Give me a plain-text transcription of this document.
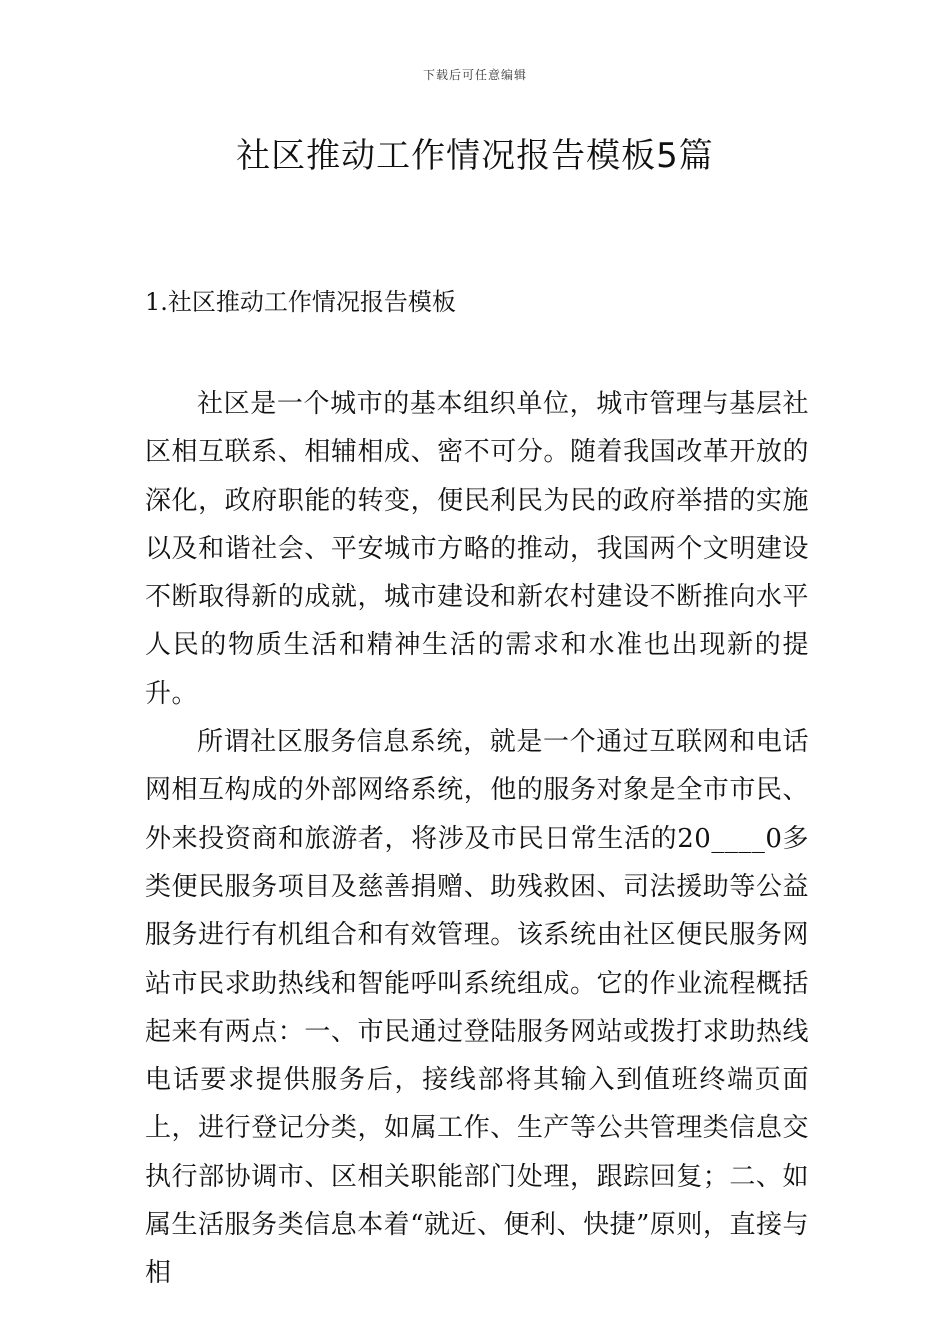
下载后可任意编辑
社区推动工作情况报告模板5篇
1.社区推动工作情况报告模板

社区是一个城市的基本组织单位，城市管理与基层社区相互联系、相辅相成、密不可分。随着我国改革开放的深化，政府职能的转变，便民利民为民的政府举措的实施以及和谐社会、平安城市方略的推动，我国两个文明建设不断取得新的成就，城市建设和新农村建设不断推向水平人民的物质生活和精神生活的需求和水准也出现新的提升。

所谓社区服务信息系统，就是一个通过互联网和电话网相互构成的外部网络系统，他的服务对象是全市市民、外来投资商和旅游者，将涉及市民日常生活的20____0多类便民服务项目及慈善捐赠、助残救困、司法援助等公益服务进行有机组合和有效管理。该系统由社区便民服务网站市民求助热线和智能呼叫系统组成。它的作业流程概括起来有两点：一、市民通过登陆服务网站或拨打求助热线电话要求提供服务后，接线部将其输入到值班终端页面上，进行登记分类，如属工作、生产等公共管理类信息交执行部协调市、区相关职能部门处理，跟踪回复；二、如属生活服务类信息本着“就近、便利、快捷”原则，直接与相
